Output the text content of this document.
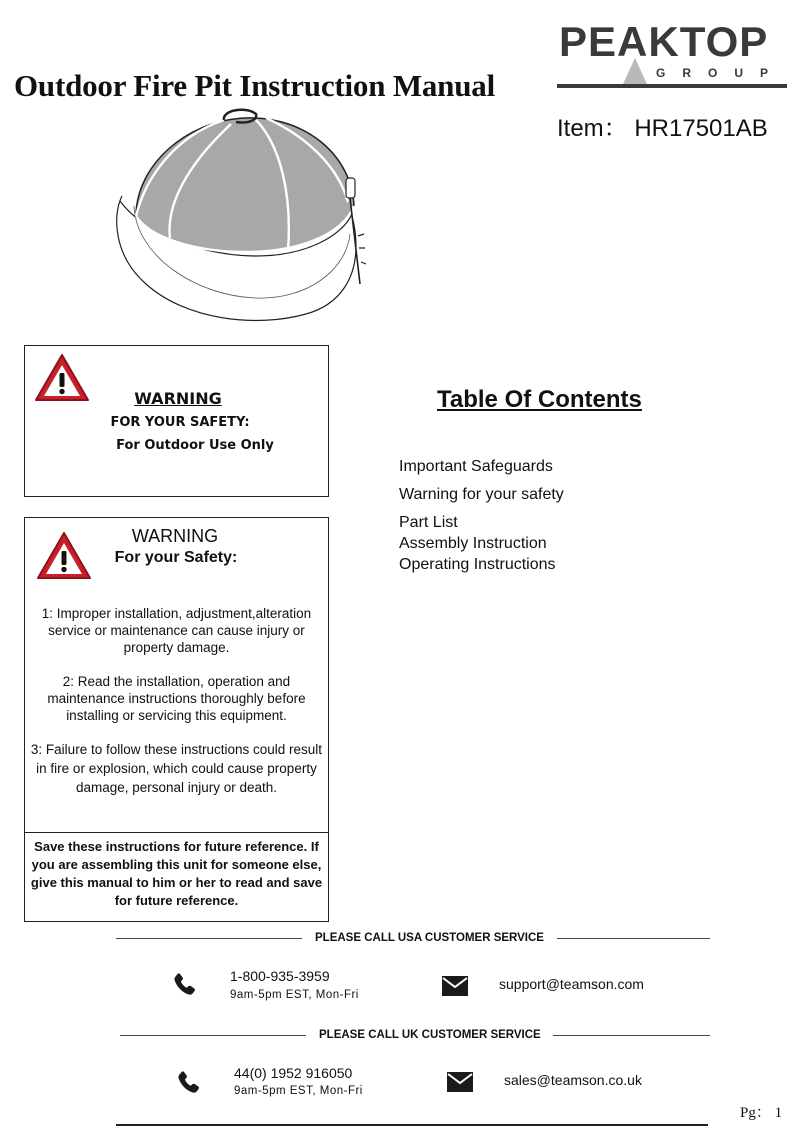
Outdoor Fire Pit Instruction Manual
PEAKTOP
GROUP
Item： HR17501AB
WARNING
FOR YOUR SAFETY:
For Outdoor Use Only
WARNING
For your Safety:
1: Improper installation, adjustment,alteration service or maintenance can cause injury or property damage.
2: Read the installation, operation and maintenance instructions thoroughly before installing or servicing this equipment.
3: Failure to follow these instructions could result in fire or explosion, which could cause property damage, personal injury or death.
Save these instructions for future reference. If you are assembling this unit for someone else, give this manual to him or her to read and save for future reference.
Table Of Contents
Important Safeguards
Warning for your safety
Part List
Assembly Instruction
Operating Instructions
PLEASE CALL USA CUSTOMER SERVICE
1-800-935-3959
9am-5pm EST, Mon-Fri
support@teamson.com
PLEASE CALL UK CUSTOMER SERVICE
44(0) 1952 916050
9am-5pm EST, Mon-Fri
sales@teamson.co.uk
Pg： 1
